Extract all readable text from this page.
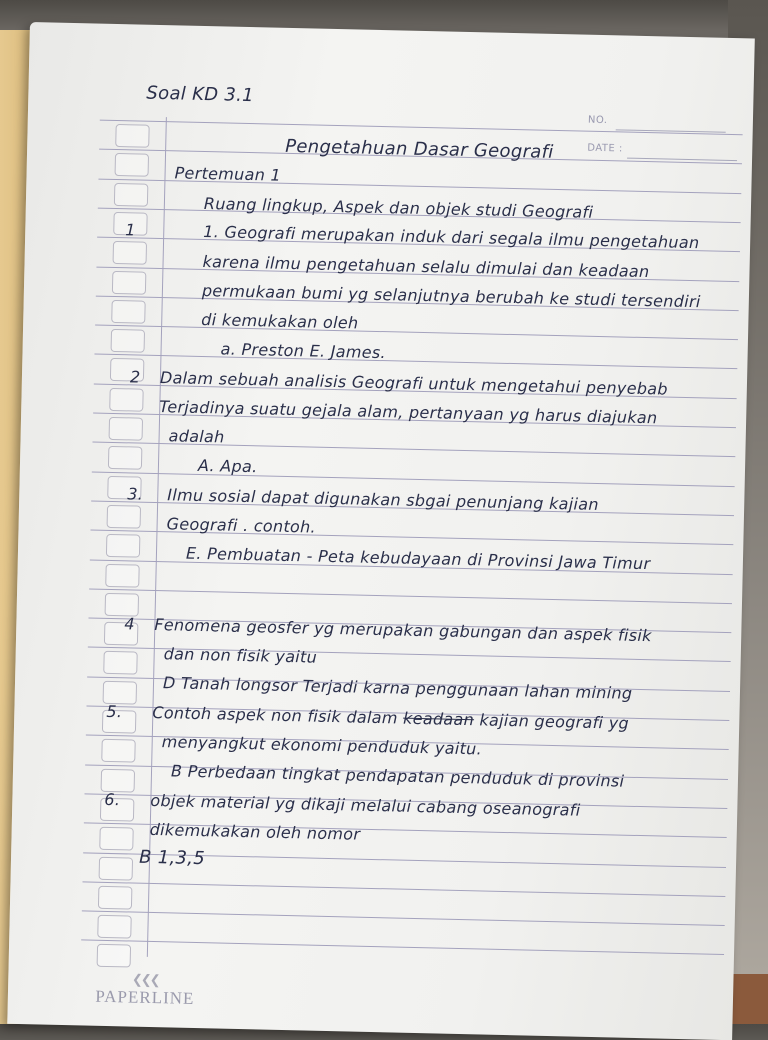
NO.
DATE :
Soal KD 3.1
Pengetahuan Dasar Geografi
Pertemuan 1
Ruang lingkup, Aspek dan objek studi Geografi
1	1. Geografi merupakan induk dari segala ilmu pengetahuan
karena ilmu pengetahuan selalu dimulai dan keadaan
permukaan bumi yg selanjutnya berubah ke studi tersendiri
di kemukakan oleh
a. Preston E. James.
2 Dalam sebuah analisis Geografi untuk mengetahui penyebab
Terjadinya suatu gejala alam, pertanyaan yg harus diajukan
adalah
A. Apa.
3. Ilmu sosial dapat digunakan sbgai penunjang kajian
Geografi . contoh.
E. Pembuatan - Peta kebudayaan di Provinsi Jawa Timur
4 Fenomena geosfer yg merupakan gabungan dan aspek fisik
dan non fisik yaitu
D Tanah longsor Terjadi karna penggunaan lahan mining
5. Contoh aspek non fisik dalam keadaan kajian geografi yg
menyangkut ekonomi penduduk yaitu.
B Perbedaan tingkat pendapatan penduduk di provinsi
6. objek material yg dikaji melalui cabang oseanografi
dikemukakan oleh nomor
B 1,3,5
❮❮❮
PAPERLINE
